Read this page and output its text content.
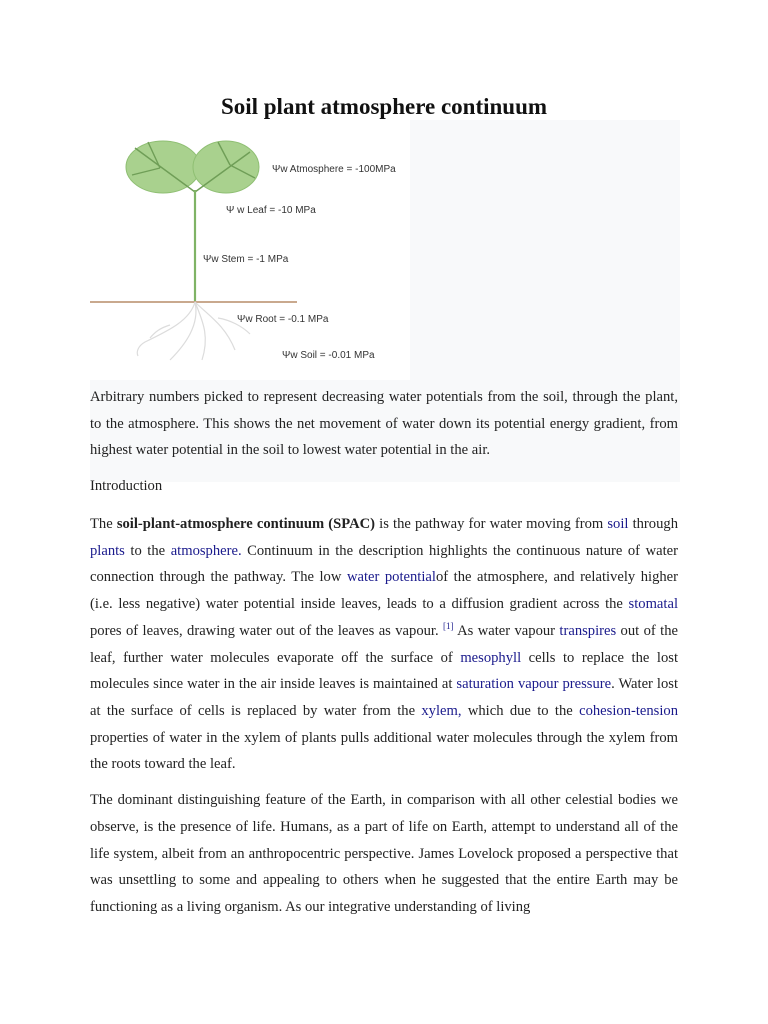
Soil plant atmosphere continuum
Ψw Atmosphere = -100MPa
Ψ w Leaf = -10 MPa
Ψw Stem = -1 MPa
Ψw Root = -0.1 MPa
Ψw Soil = -0.01 MPa

Arbitrary numbers picked to represent decreasing water potentials from the soil, through the plant, to the atmosphere. This shows the net movement of water down its potential energy gradient, from highest water potential in the soil to lowest water potential in the air.

Introduction

The soil-plant-atmosphere continuum (SPAC) is the pathway for water moving from soil through plants to the atmosphere. Continuum in the description highlights the continuous nature of water connection through the pathway. The low water potentialof the atmosphere, and relatively higher (i.e. less negative) water potential inside leaves, leads to a diffusion gradient across the stomatal pores of leaves, drawing water out of the leaves as vapour. [1] As water vapour transpires out of the leaf, further water molecules evaporate off the surface of mesophyll cells to replace the lost molecules since water in the air inside leaves is maintained at saturation vapour pressure. Water lost at the surface of cells is replaced by water from the xylem, which due to the cohesion-tension properties of water in the xylem of plants pulls additional water molecules through the xylem from the roots toward the leaf.

The dominant distinguishing feature of the Earth, in comparison with all other celestial bodies we observe, is the presence of life. Humans, as a part of life on Earth, attempt to understand all of the life system, albeit from an anthropocentric perspective. James Lovelock proposed a perspective that was unsettling to some and appealing to others when he suggested that the entire Earth may be functioning as a living organism. As our integrative understanding of living
